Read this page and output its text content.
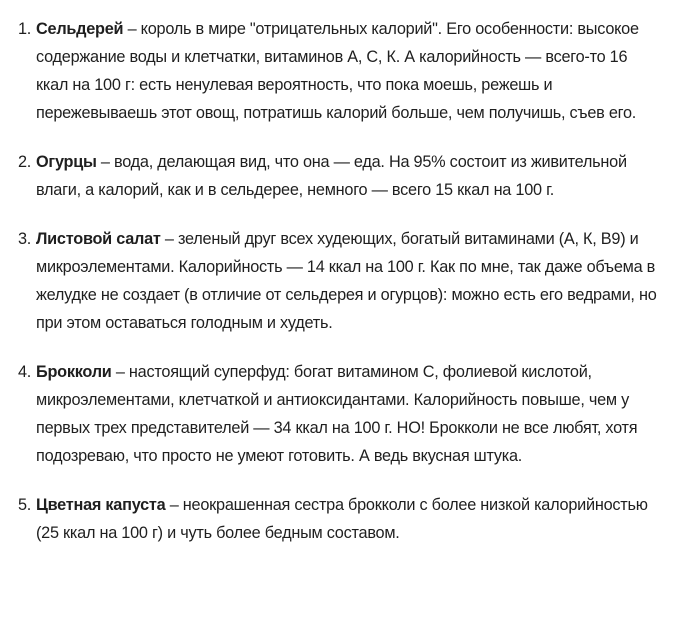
1. Сельдерей – король в мире "отрицательных калорий". Его особенности: высокое содержание воды и клетчатки, витаминов А, С, К. А калорийность — всего-то 16 ккал на 100 г: есть ненулевая вероятность, что пока моешь, режешь и пережевываешь этот овощ, потратишь калорий больше, чем получишь, съев его.
2. Огурцы – вода, делающая вид, что она — еда. На 95% состоит из живительной влаги, а калорий, как и в сельдерее, немного — всего 15 ккал на 100 г.
3. Листовой салат – зеленый друг всех худеющих, богатый витаминами (А, К, В9) и микроэлементами. Калорийность — 14 ккал на 100 г. Как по мне, так даже объема в желудке не создает (в отличие от сельдерея и огурцов): можно есть его ведрами, но при этом оставаться голодным и худеть.
4. Брокколи – настоящий суперфуд: богат витамином С, фолиевой кислотой, микроэлементами, клетчаткой и антиоксидантами. Калорийность повыше, чем у первых трех представителей — 34 ккал на 100 г. НО! Брокколи не все любят, хотя подозреваю, что просто не умеют готовить. А ведь вкусная штука.
5. Цветная капуста – неокрашенная сестра брокколи с более низкой калорийностью (25 ккал на 100 г) и чуть более бедным составом.
